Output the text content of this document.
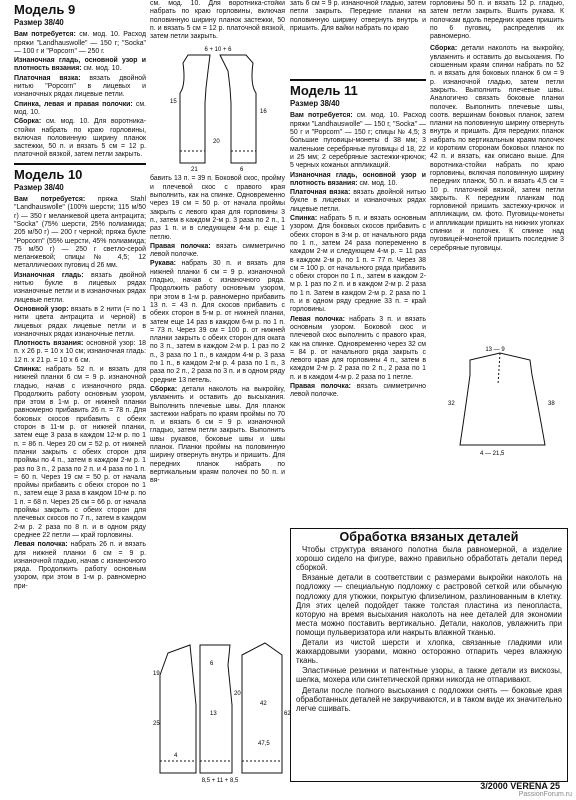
Модель 9
Размер 38/40

Вам потребуется: см. мод. 10. Расход пряжи "Landhauswolle" — 150 г; "Socka" — 100 г и "Popcorn" — 250 г.

Изнаночная гладь, основной узор и плотность вязания: см. мод. 10.

Платочная вязка: вязать двойной нитью "Popcorn" в лицевых и изнаночных рядах лицевые петли.

Спинка, левая и правая полочки: см. мод. 10.

Сборка: см. мод. 10. Для воротника-стойки набрать по краю горловины, включая половинную ширину планок застежки, 50 п. и вязать 5 см = 12 р. платочной вязкой, затем петли закрыть.

Модель 10
Размер 38/40

Вам потребуется: пряжа Stahl "Landhauswolle" (100% шерсти; 115 м/50 г) — 350 г меланжевой цвета антрацита; "Socka" (75% шерсти, 25% полиамида; 205 м/50 г) — 200 г черной; пряжа букле "Popcorn" (55% шерсти, 45% полиамида; 75 м/50 г) — 250 г светло-серой меланжевой; спицы № 4,5; 12 металлических пуговиц d 26 мм.

Изнаночная гладь: вязать двойной нитью букле в лицевых рядах изнаночные петли и в изнаночных рядах лицевые петли.

Основной узор: вязать в 2 нити (= по 1 нити цвета антрацита и черной) в лицевых рядах лицевые петли и в изнаночных рядах изнаночные петли.

Плотность вязания: основной узор: 18 п. x 26 р. = 10 x 10 см; изнаночная гладь: 12 п. x 21 р. = 10 x 6 см.

Спинка: набрать 52 п. и вязать для нижней планки 6 см = 9 р. изнаночной гладью, начав с изнаночного ряда. Продолжить работу основным узором, при этом в 1-м р. от нижней планки равномерно прибавить 26 п. = 78 п. Для боковых скосов прибавить с обеих сторон в 11-м р. от нижней планки, затем еще 3 раза в каждом 12-м р. по 1 п. = 86 п. Через 20 см = 52 р. от нижней планки закрыть с обеих сторон для проймы по 4 п., затем в каждом 2-м р. 1 раз по 3 п., 2 раза по 2 п. и 4 раза по 1 п. = 60 п. Через 19 см = 50 р. от начала проймы прибавить с обеих сторон по 1 п., затем еще 3 раза в каждом 10-м р. по 1 п. = 68 п. Через 25 см = 66 р. от начала проймы закрыть с обеих сторон для плечевых скосов по 7 п., затем в каждом 2-м р. 2 раза по 8 п. и в одном ряду среднее 22 петли — край горловины.

Левая полочка: набрать 26 п. и вязать для нижней планки 6 см = 9 р. изнаночной гладью, начав с изнаночного ряда. Продолжить работу основным узором, при этом в 1-м р. равномерно при-

см. мод. 10. Для воротника-стойки набрать по краю горловины, включая половинную ширину планок застежки, 50 п. и вязать 5 см = 12 р. платочной вязкой, затем петли закрыть.

6 + 10 + 6
15
16
20
21	6

бавить 13 п. = 39 п. Боковой скос, пройму и плечевой скос с правого края выполнить, как на спинке. Одновременно через 19 см = 50 р. от начала проймы закрыть с левого края для горловины 3 п., затем в каждом 2-м р. 3 раза по 2 п., 1 раз 1 п. и в следующем 4-м р. еще 1 петлю.

Правая полочка: вязать симметрично левой полочке.

Рукава: набрать 30 п. и вязать для нижней планки 6 см = 9 р. изнаночной гладью, начав с изнаночного ряда. Продолжить работу основным узором, при этом в 1-м р. равномерно прибавить 13 п. = 43 п. Для скосов прибавить с обеих сторон в 5-м р. от нижней планки, затем еще 14 раз в каждом 6-м р. по 1 п. = 73 п. Через 39 см = 100 р. от нижней планки закрыть с обеих сторон для оката по 3 п., затем в каждом 2-м р. 1 раз по 2 п., 3 раза по 1 п., в каждом 4-м р. 3 раза по 1 п., в каждом 2-м р. 4 раза по 1 п., 3 раза по 2 п., 2 раза по 3 п. и в одном ряду средние 13 петель.

Сборка: детали наколоть на выкройку, увлажнить и оставить до высыхания. Выполнить плечевые швы. Для планок застежки набрать по краям проймы по 70 п. и вязать 6 см = 9 р. изнаночной гладью, затем петли закрыть. Выполнить швы рукавов, боковые швы и швы планок. Планки проймы на половинную ширину отвернуть внутрь и пришить. Для передних планок набрать по вертикальным краям полочек по 50 п. и вя-

8,5 + 11 + 8,5
19
25
6
13
20
42
4
47,5
62

зать 6 см = 9 р. изнаночной гладью, затем петли закрыть. Передние планки на половинную ширину отвернуть внутрь и пришить. Для вайки набрать по краю

Модель 11
Размер 38/40

Вам потребуется: см. мод. 10. Расход пряжи "Landhauswolle" — 150 г, "Socka" — 50 г и "Popcorn" — 150 г; спицы № 4,5; 3 большие пуговицы-монеты d 38 мм; 3 маленькие серебряные пуговицы d 18, 22 и 25 мм; 2 серебряные застежки-крючок; 5 черных кожаных аппликаций.

Изнаночная гладь, основной узор и плотность вязания: см. мод. 10.

Платочная вязка: вязать двойной нитью букле в лицевых и изнаночных рядах лицевые петли.

Спинка: набрать 5 п. и вязать основным узором. Для боковых скосов прибавить с обеих сторон в 3-м р. от начального ряда по 1 п., затем 24 раза попеременно в каждом 2-м и следующем 4-м р. = 11 раз в каждом 2-м р. по 1 п. = 77 п. Через 38 см = 100 р. от начального ряда прибавить с обеих сторон по 1 п., затем в каждом 2-м р. 1 раз по 2 п. и в каждом 2-м р. 2 раза по 1 п. Затем в каждом 2-м р. 2 раза по 1 п. и в одном ряду средние 33 п. = край горловины.

Левая полочка: набрать 3 п. и вязать основным узором. Боковой скос и плечевой скос выполнить с правого края, как на спинке. Одновременно через 32 см = 84 р. от начального ряда закрыть с левого края для горловины 4 п., затем в каждом 2-м р. 2 раза по 2 п., 2 раза по 1 п. и в каждом 4-м р. 2 раза по 1 петле.

Правая полочка: вязать симметрично левой полочке.

горловины 50 п. и вязать 12 р. гладью, затем петли закрыть. Вшить рукава. К полочкам вдоль передних краев пришить по 6 пуговиц, распределив их равномерно.

Сборка: детали наколоть на выкройку, увлажнить и оставить до высыхания. По скошенным краям спинки набрать по 52 п. и вязать для боковых планок 6 см = 9 р. изнаночной гладью, затем петли закрыть. Выполнить плечевые швы. Аналогично связать боковые планки полочек. Выполнить плечевые швы, соотв. вершинам боковых планок, затем планки на половинную ширину отвернуть внутрь и пришить. Для передних планок набрать по вертикальным краям полочек и коротким сторонам боковых планок по 42 п. и вязать, как описано выше. Для воротника-стойки набрать по краю горловины, включая половинную ширину передних планок, 50 п. и вязать 4,5 см = 10 р. платочной вязкой, затем петли закрыть. К передним планкам под горловиной пришить застежку-крючок и аппликации, см. фото. Пуговицы-монеты и аппликации пришить на нижних уголках спинки и полочек. К спинке над пуговицей-монетой пришить последние 3 серебряные пуговицы.

13 — 9
32	38
4 — 21,5
Обработка вязаных деталей

Чтобы структура вязаного полотна была равномерной, а изделие хорошо сидело на фигуре, важно правильно обработать детали перед сборкой.

Вязаные детали в соответствии с размерами выкройки наколоть на подложку — специальную подложку с растровой сеткой или обычную подложку для утюжки, покрытую флизелином, разлинованным в клетку. Для этих целей подойдет также толстая пластина из пенопласта, которую на время высыхания наколоть на нее деталей для экономии места можно поставить вертикально. Детали, наколов, увлажнить при помощи пульверизатора или накрыть влажной тканью.

Детали из чистой шерсти и хлопка, связанные гладкими или жаккардовыми узорами, можно осторожно отпарить через влажную ткань.

Эластичные резинки и патентные узоры, а также детали из вискозы, шелка, мохера или синтетической пряжи никогда не отпаривают.

Детали после полного высыхания с подложки снять — боковые края обработанных деталей не закручиваются, и в таком виде их значительно легче сшивать.

3/2000 VERENA 25
PassionForum.ru
